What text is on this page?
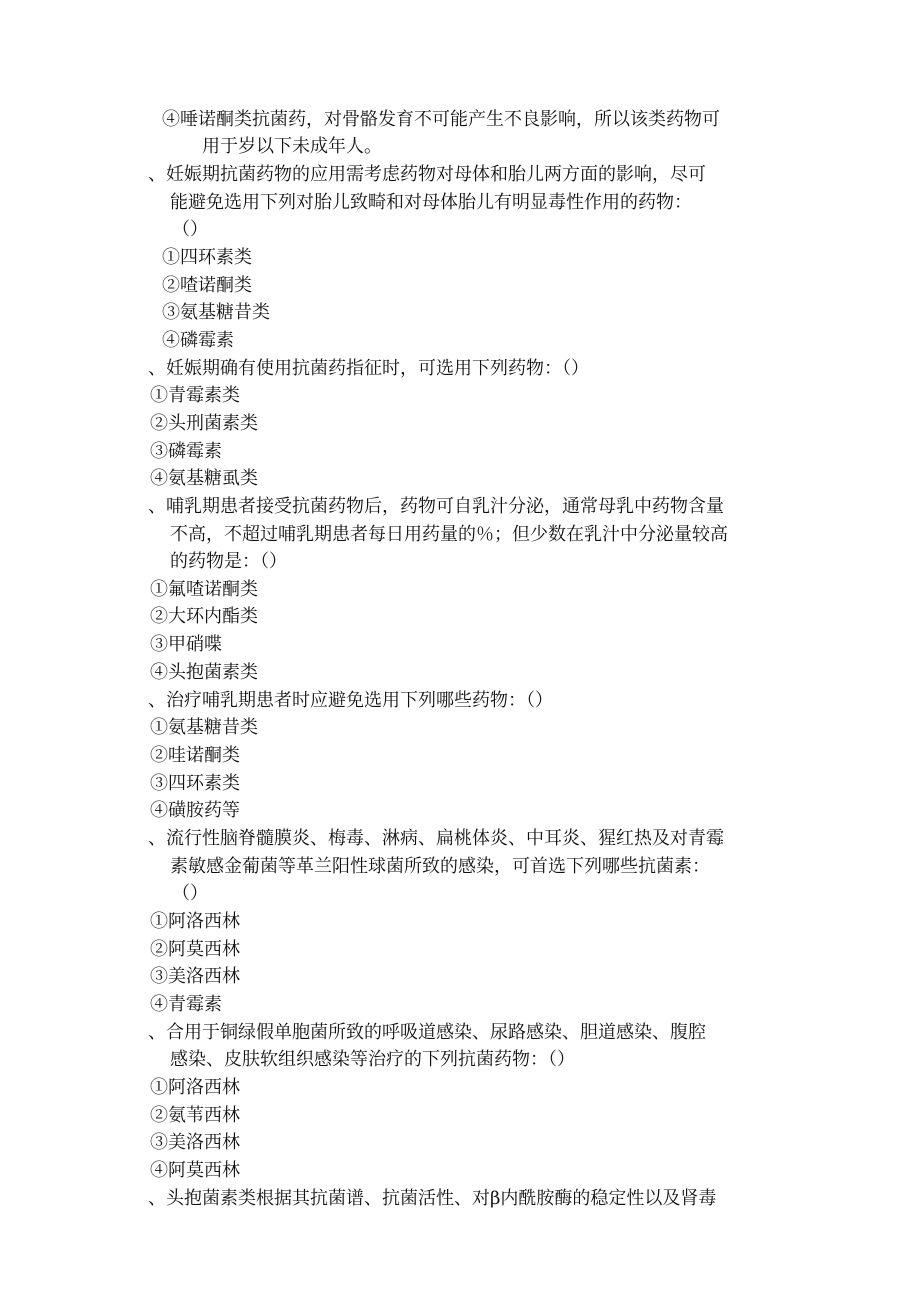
④唾诺酮类抗菌药，对骨骼发育不可能产生不良影响，所以该类药物可
用于岁以下未成年人。
、妊娠期抗菌药物的应用需考虑药物对母体和胎儿两方面的影响，尽可
能避免选用下列对胎儿致畸和对母体胎儿有明显毒性作用的药物：
（）
①四环素类
②喳诺酮类
③氨基糖昔类
④磷霉素
、妊娠期确有使用抗菌药指征时，可选用下列药物：（）
①青霉素类
②头刑菌素类
③磷霉素
④氨基糖虱类
、哺乳期患者接受抗菌药物后，药物可自乳汁分泌，通常母乳中药物含量
不高，不超过哺乳期患者每日用药量的％；但少数在乳汁中分泌量较高
的药物是：（）
①氟喳诺酮类
②大环内酯类
③甲硝喋
④头抱菌素类
、治疗哺乳期患者时应避免选用下列哪些药物：（）
①氨基糖昔类
②哇诺酮类
③四环素类
④磺胺药等
、流行性脑脊髓膜炎、梅毒、淋病、扁桃体炎、中耳炎、猩红热及对青霉
素敏感金葡菌等革兰阳性球菌所致的感染，可首选下列哪些抗菌素：
（）
①阿洛西林
②阿莫西林
③美洛西林
④青霉素
、合用于铜绿假单胞菌所致的呼吸道感染、尿路感染、胆道感染、腹腔
感染、皮肤软组织感染等治疗的下列抗菌药物：（）
①阿洛西林
②氨苇西林
③美洛西林
④阿莫西林
、头抱菌素类根据其抗菌谱、抗菌活性、对β内酰胺酶的稳定性以及肾毒
